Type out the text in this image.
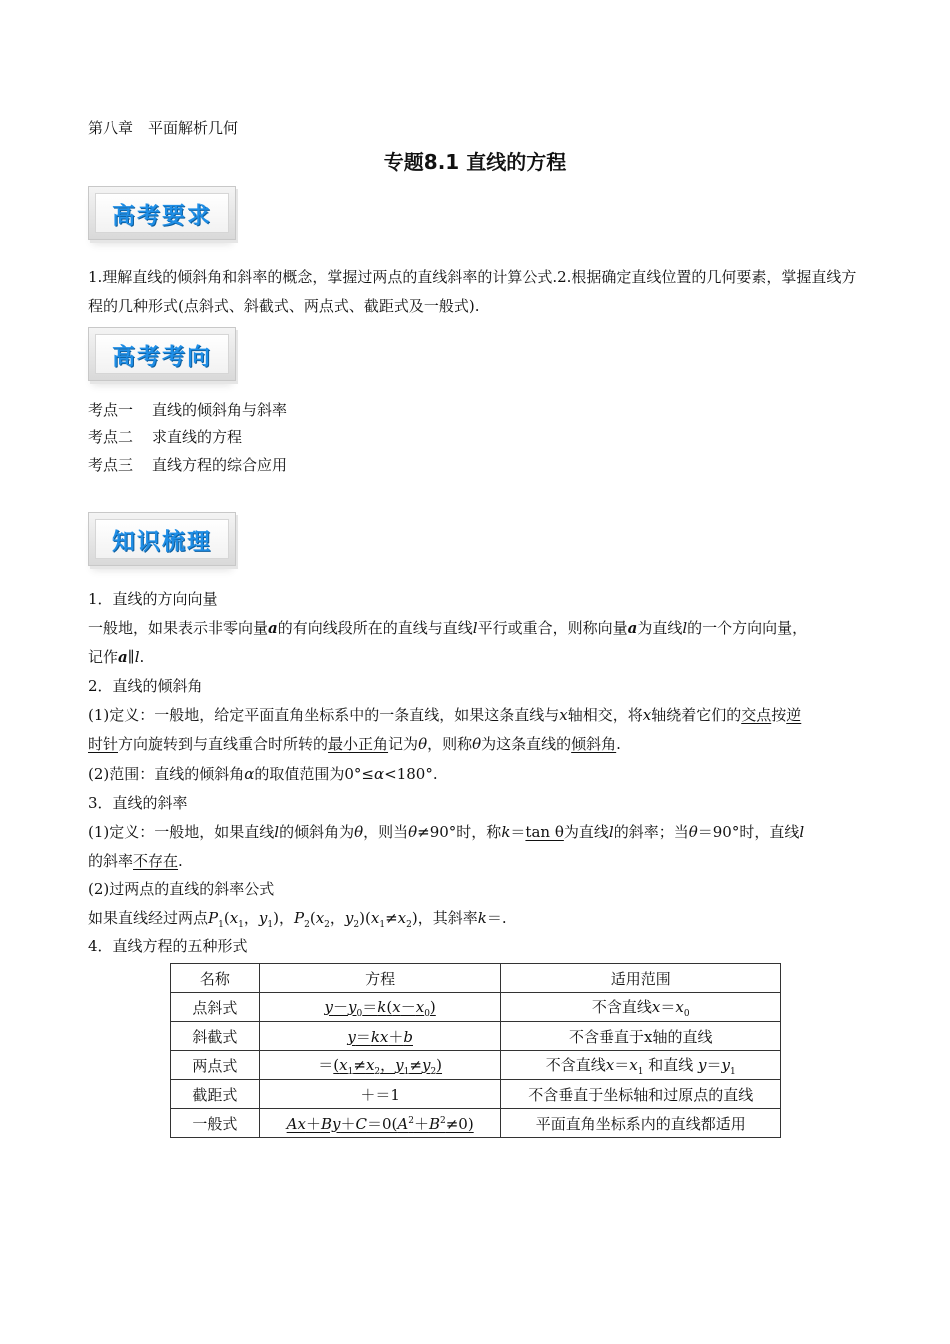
第八章　平面解析几何
专题8.1 直线的方程
高考要求
1.理解直线的倾斜角和斜率的概念，掌握过两点的直线斜率的计算公式.2.根据确定直线位置的几何要素，掌握直线方程的几种形式(点斜式、斜截式、两点式、截距式及一般式).
高考考向
考点一 直线的倾斜角与斜率
考点二 求直线的方程
考点三 直线方程的综合应用
知识梳理
1．直线的方向向量
一般地，如果表示非零向量a的有向线段所在的直线与直线l平行或重合，则称向量a为直线l的一个方向向量，
记作a∥l.
2．直线的倾斜角
(1)定义：一般地，给定平面直角坐标系中的一条直线，如果这条直线与x轴相交，将x轴绕着它们的交点按逆
时针方向旋转到与直线重合时所转的最小正角记为θ，则称θ为这条直线的倾斜角.
(2)范围：直线的倾斜角α的取值范围为0°≤α<180°.
3．直线的斜率
(1)定义：一般地，如果直线l的倾斜角为θ，则当θ≠90°时，称k＝tan θ为直线l的斜率；当θ＝90°时，直线l
的斜率不存在.
(2)过两点的直线的斜率公式
如果直线经过两点$P_1(x_1$，$y_1$)，$P_2(x_2$，$y_2)(x_1\ne x_2)$，其斜率k＝.
4．直线方程的五种形式
名称	方程	适用范围
点斜式	$y-y_0=k(x-x_0)$	不含直线$x=x_0$
斜截式	y＝kx＋b	不含垂直于x轴的直线
两点式	$=(x_1\ne x_2$，$y_1\ne y_2$)	不含直线$x=x_1$ 和直线 $y=y_1$
截距式	＋＝1	不含垂直于坐标轴和过原点的直线
一般式	$Ax+By+C=0(A^2+B^2\ne 0)$	平面直角坐标系内的直线都适用
